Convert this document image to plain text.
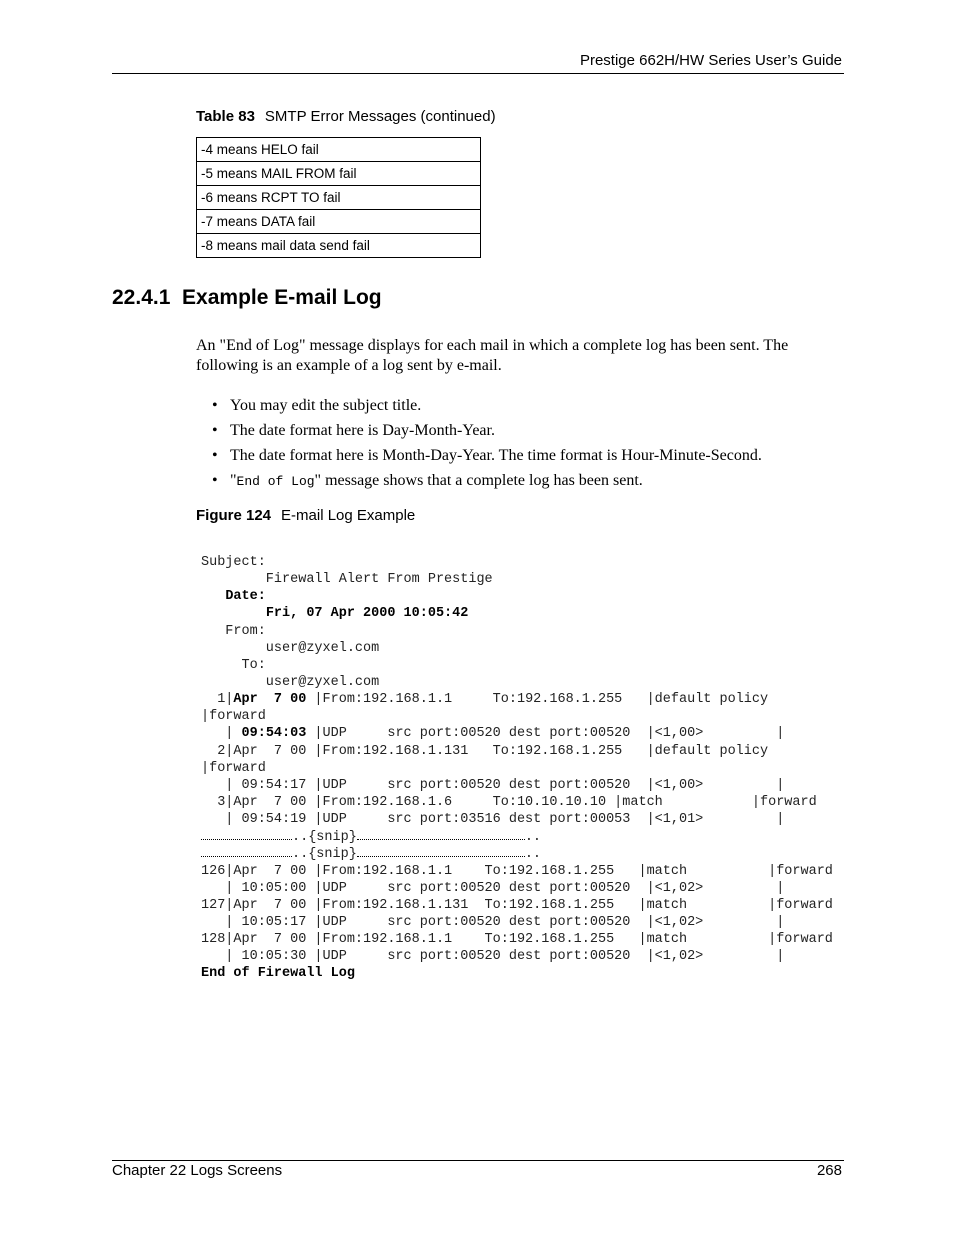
Prestige 662H/HW Series User’s Guide
Table 83 SMTP Error Messages (continued)
-4 means HELO fail
-5 means MAIL FROM fail
-6 means RCPT TO fail
-7 means DATA fail
-8 means mail data send fail
22.4.1  Example E-mail Log
An "End of Log" message displays for each mail in which a complete log has been sent. The following is an example of a log sent by e-mail.
• You may edit the subject title.
• The date format here is Day-Month-Year.
• The date format here is Month-Day-Year. The time format is Hour-Minute-Second.
• "End of Log" message shows that a complete log has been sent.
Figure 124 E-mail Log Example
Subject:
Firewall Alert From Prestige
Date:
Fri, 07 Apr 2000 10:05:42
From:
user@zyxel.com
To:
user@zyxel.com
1|Apr  7 00 |From:192.168.1.1     To:192.168.1.255   |default policy
|forward
| 09:54:03 |UDP     src port:00520 dest port:00520  |<1,00>         |
2|Apr  7 00 |From:192.168.1.131   To:192.168.1.255   |default policy
|forward
| 09:54:17 |UDP     src port:00520 dest port:00520  |<1,00>         |
3|Apr  7 00 |From:192.168.1.6     To:10.10.10.10 |match           |forward
| 09:54:19 |UDP     src port:03516 dest port:00053  |<1,01>         |
..{snip}	..
..{snip}	..
126|Apr  7 00 |From:192.168.1.1    To:192.168.1.255   |match          |forward
| 10:05:00 |UDP     src port:00520 dest port:00520  |<1,02>         |
127|Apr  7 00 |From:192.168.1.131  To:192.168.1.255   |match          |forward
| 10:05:17 |UDP     src port:00520 dest port:00520  |<1,02>         |
128|Apr  7 00 |From:192.168.1.1    To:192.168.1.255   |match          |forward
| 10:05:30 |UDP     src port:00520 dest port:00520  |<1,02>         |
End of Firewall Log
Chapter 22 Logs Screens	268
